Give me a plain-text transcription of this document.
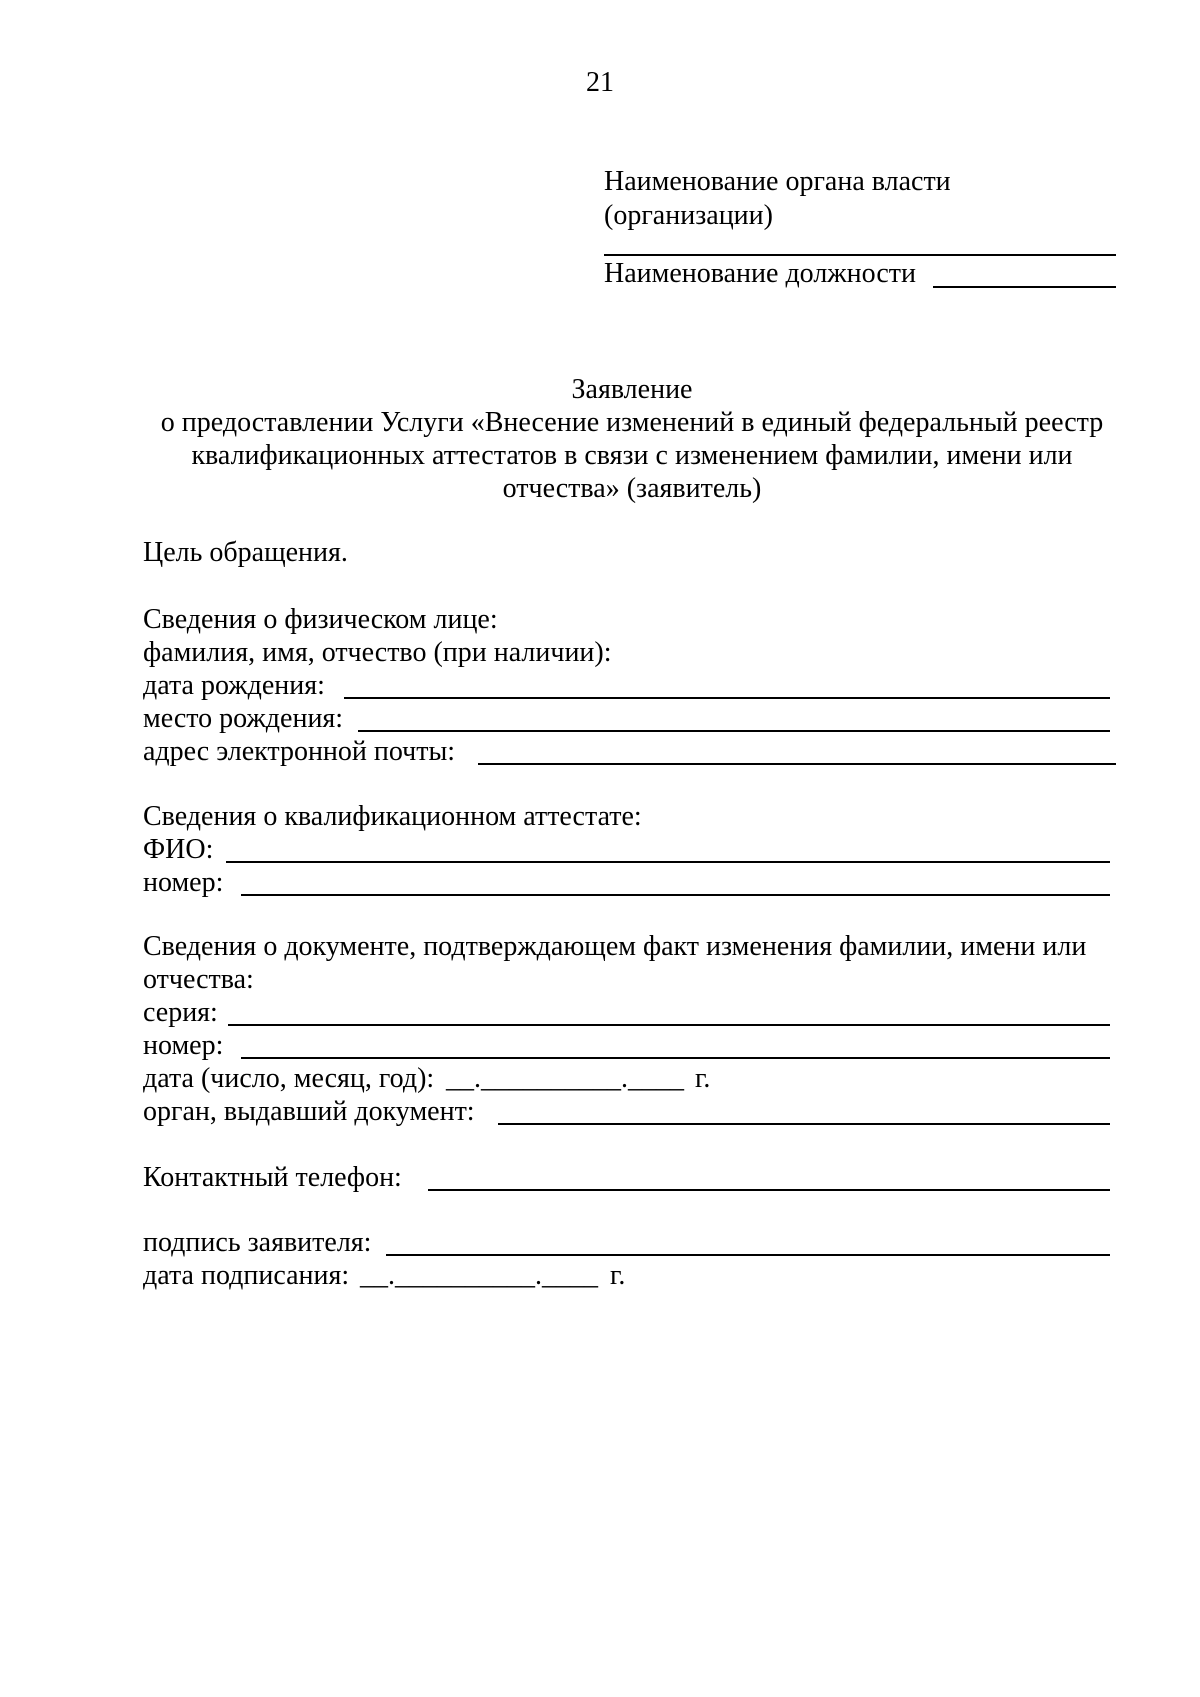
21
Наименование органа власти
(организации)
Наименование должности
Заявление
о предоставлении Услуги «Внесение изменений в единый федеральный реестр
квалификационных аттестатов в связи с изменением фамилии, имени или
отчества» (заявитель)
Цель обращения.
Сведения о физическом лице:
фамилия, имя, отчество (при наличии):
дата рождения:
место рождения:
адрес электронной почты:
Сведения о квалификационном аттестате:
ФИО:
номер:
Сведения о документе, подтверждающем факт изменения фамилии, имени или
отчества:
серия:
номер:
дата (число, месяц, год): __.__________.____ г.
орган, выдавший документ:
Контактный телефон:
подпись заявителя:
дата подписания: __.__________.____ г.
